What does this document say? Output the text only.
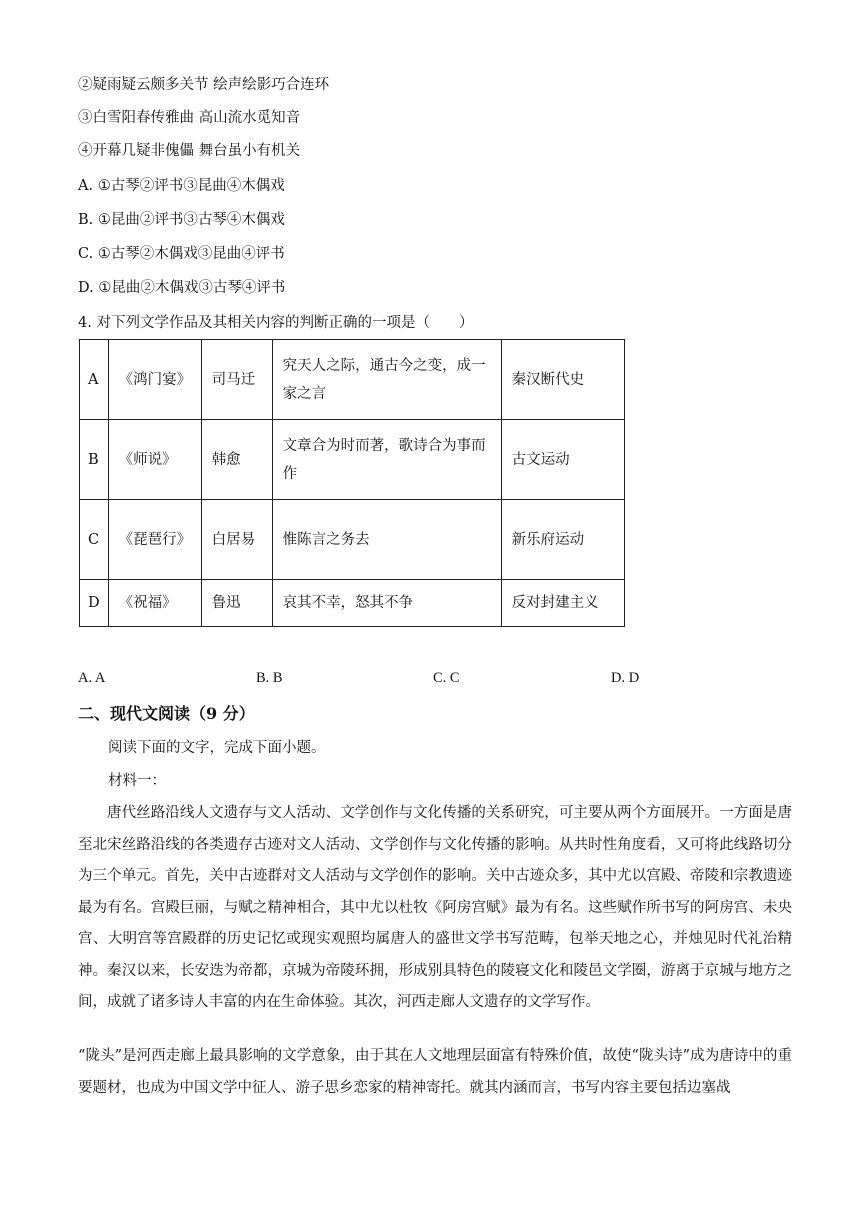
②疑雨疑云颇多关节 绘声绘影巧合连环
③白雪阳春传雅曲 高山流水觅知音
④开幕几疑非傀儡 舞台虽小有机关
A. ①古琴②评书③昆曲④木偶戏
B. ①昆曲②评书③古琴④木偶戏
C. ①古琴②木偶戏③昆曲④评书
D. ①昆曲②木偶戏③古琴④评书
4. 对下列文学作品及其相关内容的判断正确的一项是（　　）
A	《鸿门宴》	司马迁	究天人之际，通古今之变，成一家之言	秦汉断代史
B	《师说》	韩愈	文章合为时而著，歌诗合为事而作	古文运动
C	《琵琶行》	白居易	惟陈言之务去	新乐府运动
D	《祝福》	鲁迅	哀其不幸，怒其不争	反对封建主义
A. A	B. B	C. C	D. D
二、现代文阅读（9 分）
阅读下面的文字，完成下面小题。
材料一：
唐代丝路沿线人文遗存与文人活动、文学创作与文化传播的关系研究，可主要从两个方面展开。一方面是唐至北宋丝路沿线的各类遗存古迹对文人活动、文学创作与文化传播的影响。从共时性角度看，又可将此线路切分为三个单元。首先，关中古迹群对文人活动与文学创作的影响。关中古迹众多，其中尤以宫殿、帝陵和宗教遗迹最为有名。宫殿巨丽，与赋之精神相合，其中尤以杜牧《阿房宫赋》最为有名。这些赋作所书写的阿房宫、未央宫、大明宫等宫殿群的历史记忆或现实观照均属唐人的盛世文学书写范畴，包举天地之心，并烛见时代礼治精神。秦汉以来，长安迭为帝都，京城为帝陵环拥，形成别具特色的陵寝文化和陵邑文学圈，游离于京城与地方之间，成就了诸多诗人丰富的内在生命体验。其次，河西走廊人文遗存的文学写作。
“陇头”是河西走廊上最具影响的文学意象，由于其在人文地理层面富有特殊价值，故使“陇头诗”成为唐诗中的重要题材，也成为中国文学中征人、游子思乡恋家的精神寄托。就其内涵而言，书写内容主要包括边塞战
